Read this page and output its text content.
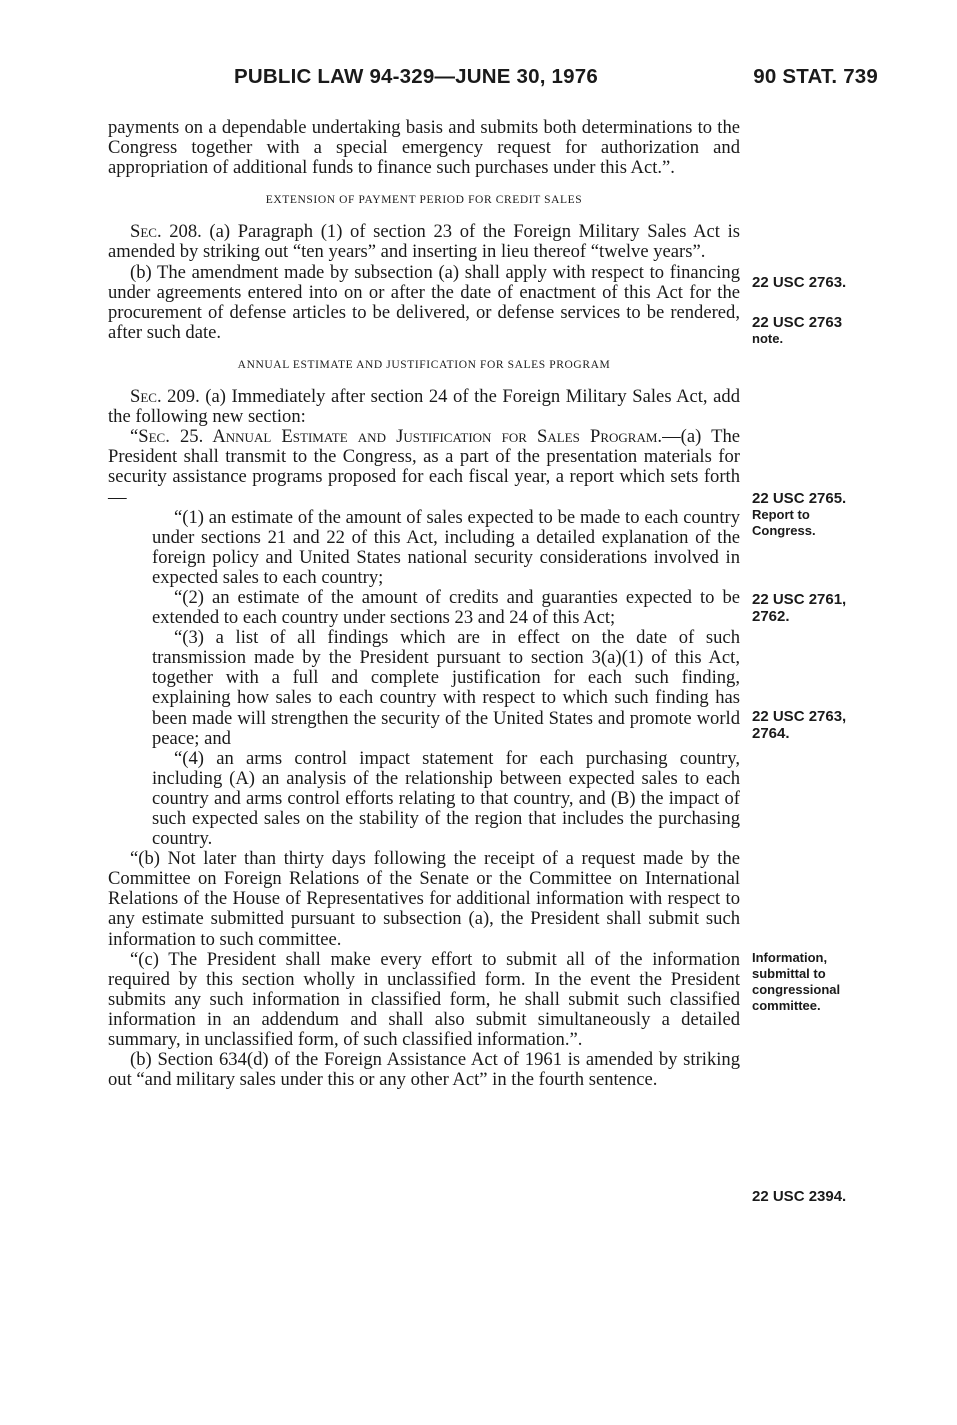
PUBLIC LAW 94-329—JUNE 30, 1976	90 STAT. 739

payments on a dependable undertaking basis and submits both determinations to the Congress together with a special emergency request for authorization and appropriation of additional funds to finance such purchases under this Act.”.

EXTENSION OF PAYMENT PERIOD FOR CREDIT SALES

Sec. 208. (a) Paragraph (1) of section 23 of the Foreign Military Sales Act is amended by striking out “ten years” and inserting in lieu thereof “twelve years”.

(b) The amendment made by subsection (a) shall apply with respect to financing under agreements entered into on or after the date of enactment of this Act for the procurement of defense articles to be delivered, or defense services to be rendered, after such date.

ANNUAL ESTIMATE AND JUSTIFICATION FOR SALES PROGRAM

Sec. 209. (a) Immediately after section 24 of the Foreign Military Sales Act, add the following new section:

“Sec. 25. Annual Estimate and Justification for Sales Program.—(a) The President shall transmit to the Congress, as a part of the presentation materials for security assistance programs proposed for each fiscal year, a report which sets forth—

“(1) an estimate of the amount of sales expected to be made to each country under sections 21 and 22 of this Act, including a detailed explanation of the foreign policy and United States national security considerations involved in expected sales to each country;

“(2) an estimate of the amount of credits and guaranties expected to be extended to each country under sections 23 and 24 of this Act;

“(3) a list of all findings which are in effect on the date of such transmission made by the President pursuant to section 3(a)(1) of this Act, together with a full and complete justification for each such finding, explaining how sales to each country with respect to which such finding has been made will strengthen the security of the United States and promote world peace; and

“(4) an arms control impact statement for each purchasing country, including (A) an analysis of the relationship between expected sales to each country and arms control efforts relating to that country, and (B) the impact of such expected sales on the stability of the region that includes the purchasing country.

“(b) Not later than thirty days following the receipt of a request made by the Committee on Foreign Relations of the Senate or the Committee on International Relations of the House of Representatives for additional information with respect to any estimate submitted pursuant to subsection (a), the President shall submit such information to such committee.

“(c) The President shall make every effort to submit all of the information required by this section wholly in unclassified form. In the event the President submits any such information in classified form, he shall submit such classified information in an addendum and shall also submit simultaneously a detailed summary, in unclassified form, of such classified information.”.

(b) Section 634(d) of the Foreign Assistance Act of 1961 is amended by striking out “and military sales under this or any other Act” in the fourth sentence.

22 USC 2763.
22 USC 2763

note.
22 USC 2765.

Report to
Congress.
22 USC 2761,
2762.
22 USC 2763,
2764.
Information,
submittal to
congressional
committee.
22 USC 2394.
